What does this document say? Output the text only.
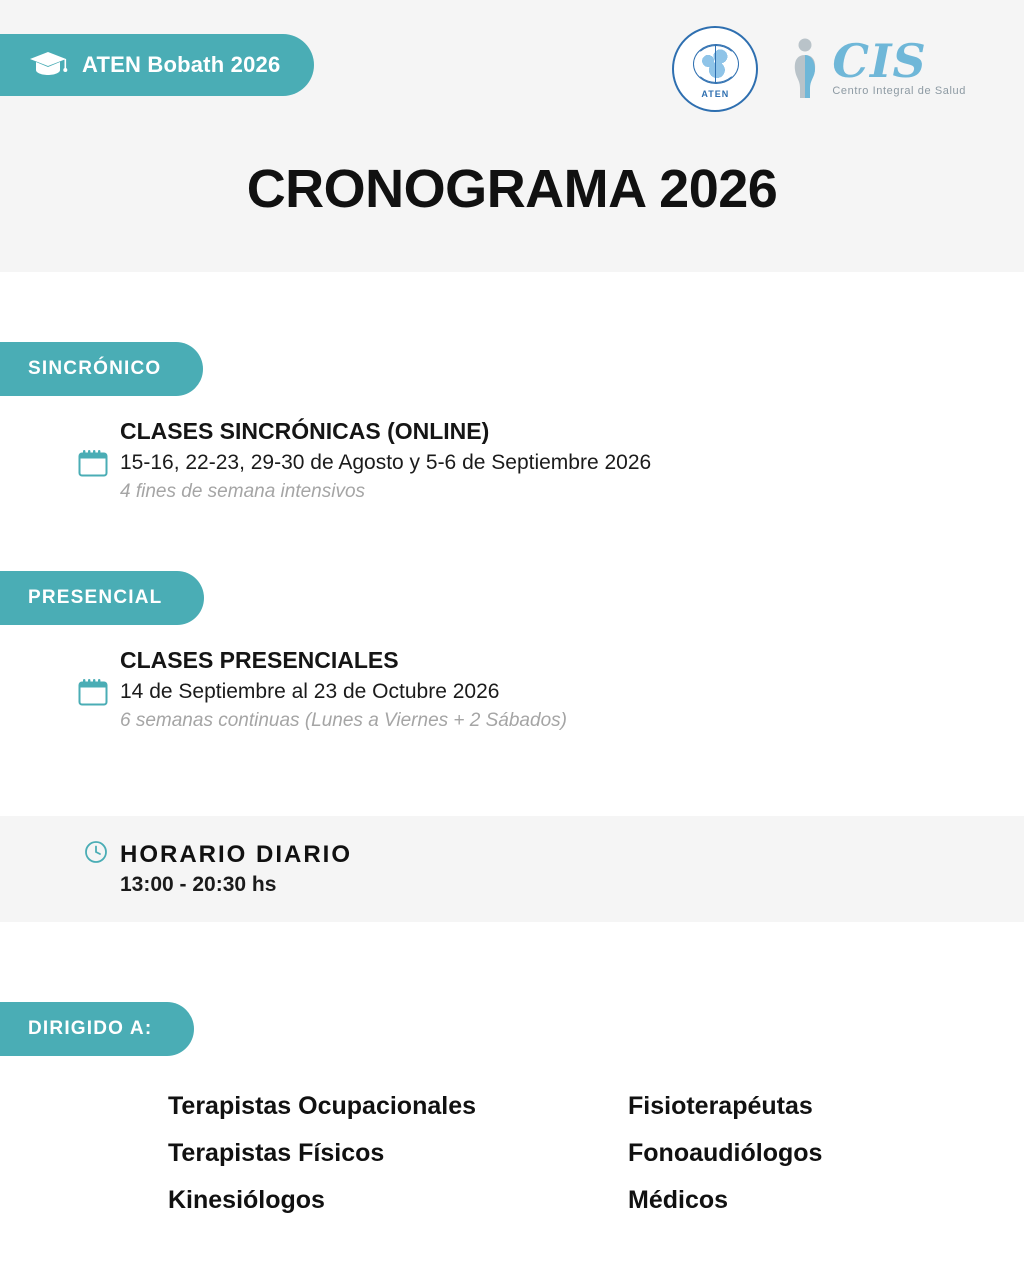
ATEN Bobath 2026
ATEN
CIS
Centro Integral de Salud
CRONOGRAMA 2026
SINCRÓNICO
CLASES SINCRÓNICAS (ONLINE)
15-16, 22-23, 29-30 de Agosto y 5-6 de Septiembre 2026
4 fines de semana intensivos
PRESENCIAL
CLASES PRESENCIALES
14 de Septiembre al 23 de Octubre 2026
6 semanas continuas (Lunes a Viernes + 2 Sábados)
HORARIO DIARIO
13:00 - 20:30 hs
DIRIGIDO A:
Terapistas Ocupacionales	Fisioterapéutas
Terapistas Físicos	Fonoaudiólogos
Kinesiólogos	Médicos
